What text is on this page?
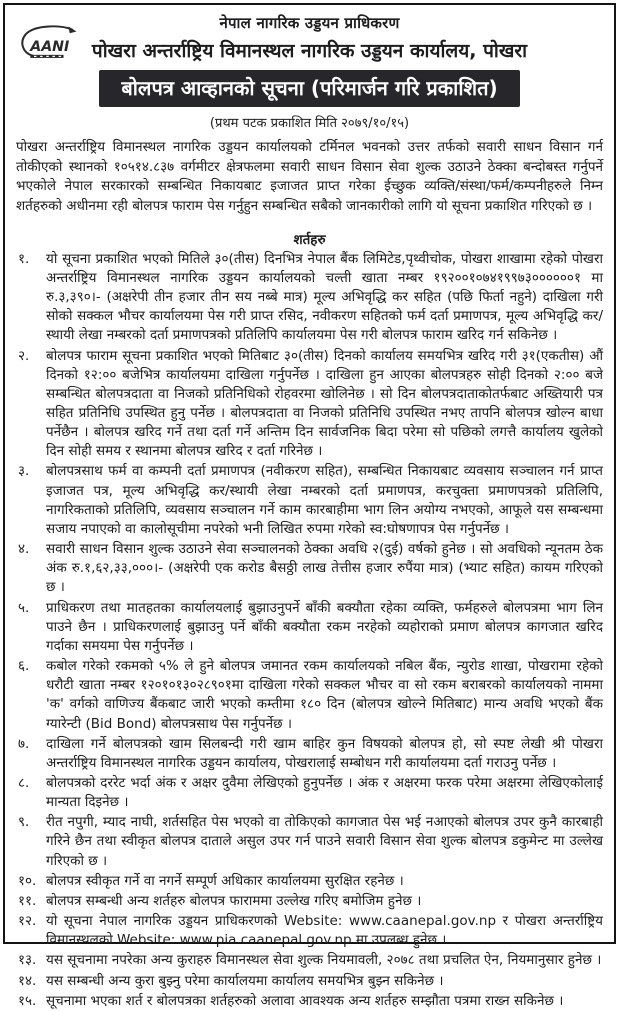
AANI
नेपाल नागरिक उड्डयन प्राधिकरण
पोखरा अन्तर्राष्ट्रिय विमानस्थल नागरिक उड्डयन कार्यालय, पोखरा
बोलपत्र आव्हानको सूचना (परिमार्जन गरि प्रकाशित)
(प्रथम पटक प्रकाशित मिति २०७९/१०/१५)

पोखरा अन्तर्राष्ट्रिय विमानस्थल नागरिक उड्डयन कार्यालयको टर्मिनल भवनको उत्तर तर्फको सवारी साधन विसान गर्न तोकीएको स्थानको १०५१४.८३७ वर्गमीटर क्षेत्रफलमा सवारी साधन विसान सेवा शुल्क उठाउने ठेक्का बन्दोबस्त गर्नुपर्ने भएकोले नेपाल सरकारको सम्बन्धित निकायबाट इजाजत प्राप्त गरेका ईच्छुक व्यक्ति/संस्था/फर्म/कम्पनीहरुले निम्न शर्तहरुको अधीनमा रही बोलपत्र फाराम पेस गर्नुहुन सम्बन्धित सबैको जानकारीको लागि यो सूचना प्रकाशित गरिएको छ ।

शर्तहरु
१.	यो सूचना प्रकाशित भएको मितिले ३०(तीस) दिनभित्र नेपाल बैंक लिमिटेड,पृथ्वीचोक, पोखरा शाखामा रहेको पोखरा अन्तर्राष्ट्रिय विमानस्थल नागरिक उड्डयन कार्यालयको चल्ती खाता नम्बर १९२००१०७४१९९७३००००००१ मा रु.३,३९०।- (अक्षरेपी तीन हजार तीन सय नब्बे मात्र) मूल्य अभिवृद्धि कर सहित (पछि फिर्ता नहुने) दाखिला गरी सोको सक्कल भौचर कार्यालयमा पेस गरी प्राप्त रसिद, नवीकरण सहितको फर्म दर्ता प्रमाणपत्र, मूल्य अभिवृद्धि कर/स्थायी लेखा नम्बरको दर्ता प्रमाणपत्रको प्रतिलिपि कार्यालयमा पेस गरी बोलपत्र फाराम खरिद गर्न सकिनेछ ।
२.	बोलपत्र फाराम सूचना प्रकाशित भएको मितिबाट ३०(तीस) दिनको कार्यालय समयभित्र खरिद गरी ३१(एकतीस) औं दिनको १२:०० बजेभित्र कार्यालयमा दाखिला गर्नुपर्नेछ । दाखिला हुन आएका बोलपत्रहरु सोही दिनको २:०० बजे सम्बन्धित बोलपत्रदाता वा निजको प्रतिनिधिको रोहवरमा खोलिनेछ । सो दिन बोलपत्रदाताकोतर्फबाट अख्तियारी पत्र सहित प्रतिनिधि उपस्थित हुनु पर्नेछ । बोलपत्रदाता वा निजको प्रतिनिधि उपस्थित नभए तापनि बोलपत्र खोल्न बाधा पर्नेछैन । बोलपत्र खरिद गर्ने तथा दर्ता गर्ने अन्तिम दिन सार्वजनिक बिदा परेमा सो पछिको लगत्तै कार्यालय खुलेको दिन सोही समय र स्थानमा बोलपत्र खरिद र दर्ता गरिनेछ ।
३.	बोलपत्रसाथ फर्म वा कम्पनी दर्ता प्रमाणपत्र (नवीकरण सहित), सम्बन्धित निकायबाट व्यवसाय सञ्चालन गर्न प्राप्त इजाजत पत्र, मूल्य अभिवृद्धि कर/स्थायी लेखा नम्बरको दर्ता प्रमाणपत्र, करचुक्ता प्रमाणपत्रको प्रतिलिपि, नागरिकताको प्रतिलिपि, व्यवसाय सञ्चालन गर्ने काम कारबाहीमा भाग लिन अयोग्य नभएको, आफूले यस सम्बन्धमा सजाय नपाएको वा कालोसूचीमा नपरेको भनी लिखित रुपमा गरेको स्व:घोषणापत्र पेस गर्नुपर्नेछ ।
४.	सवारी साधन विसान शुल्क उठाउने सेवा सञ्चालनको ठेक्का अवधि २(दुई) वर्षको हुनेछ । सो अवधिको न्यूनतम ठेक अंक रु.१,६२,३३,०००।- (अक्षरेपी एक करोड बैसठ्ठी लाख तेत्तीस हजार रुपैंया मात्र) (भ्याट सहित) कायम गरिएको छ ।
५.	प्राधिकरण तथा मातहतका कार्यालयलाई बुझाउनुपर्ने बाँकी बक्यौता रहेका व्यक्ति, फर्महरुले बोलपत्रमा भाग लिन पाउने छैन । प्राधिकरणलाई बुझाउनु पर्ने बाँकी बक्यौता रकम नरहेको व्यहोराको प्रमाण बोलपत्र कागजात खरिद गर्दाका समयमा पेस गर्नुपर्नेछ ।
६.	कबोल गरेको रकमको ५% ले हुने बोलपत्र जमानत रकम कार्यालयको नबिल बैंक, न्युरोड शाखा, पोखरामा रहेको धरौटी खाता नम्बर १२०१०१३०२८९०१मा दाखिला गरेको सक्कल भौचर वा सो रकम बराबरको कार्यालयको नाममा 'क' वर्गको वाणिज्य बैंकबाट जारी भएको कम्तीमा १८० दिन (बोलपत्र खोल्ने मितिबाट) मान्य अवधि भएको बैंक ग्यारेन्टी (Bid Bond) बोलपत्रसाथ पेस गर्नुपर्नेछ ।
७.	दाखिला गर्ने बोलपत्रको खाम सिलबन्दी गरी खाम बाहिर कुन विषयको बोलपत्र हो, सो स्पष्ट लेखी श्री पोखरा अन्तर्राष्ट्रिय विमानस्थल नागरिक उड्डयन कार्यालय, पोखरालाई सम्बोधन गरी कार्यालयमा दर्ता गराउनु पर्नेछ ।
८.	बोलपत्रको दररेट भर्दा अंक र अक्षर दुवैमा लेखिएको हुनुपर्नेछ । अंक र अक्षरमा फरक परेमा अक्षरमा लेखिएकोलाई मान्यता दिइनेछ ।
९.	रीत नपुगी, म्याद नाघी, शर्तसहित पेस भएको वा तोकिएको कागजात पेस भई नआएको बोलपत्र उपर कुनै कारबाही गरिने छैन तथा स्वीकृत बोलपत्र दाताले असुल उपर गर्न पाउने सवारी विसान सेवा शुल्क बोलपत्र डकुमेन्ट मा उल्लेख गरिएको छ ।
१०. बोलपत्र स्वीकृत गर्ने वा नगर्ने सम्पूर्ण अधिकार कार्यालयमा सुरक्षित रहनेछ ।
११. बोलपत्र सम्बन्धी अन्य शर्तहरु बोलपत्र फाराममा उल्लेख गरिए बमोजिम हुनेछ ।
१२. यो सूचना नेपाल नागरिक उड्डयन प्राधिकरणको Website: www.caanepal.gov.np र पोखरा अन्तर्राष्ट्रिय विमानस्थलको Website: www.pia.caanepal.gov.np मा उपलब्ध हुनेछ ।
१३. यस सूचनामा नपरेका अन्य कुराहरु विमानस्थल सेवा शुल्क नियमावली, २०७८ तथा प्रचलित ऐन, नियमानुसार हुनेछ ।
१४. यस सम्बन्धी अन्य कुरा बुझ्नु परेमा कार्यालयमा कार्यालय समयभित्र बुझ्न सकिनेछ ।
१५. सूचनामा भएका शर्त र बोलपत्रका शर्तहरुको अलावा आवश्यक अन्य शर्तहरु सम्झौता पत्रमा राख्न सकिनेछ ।
